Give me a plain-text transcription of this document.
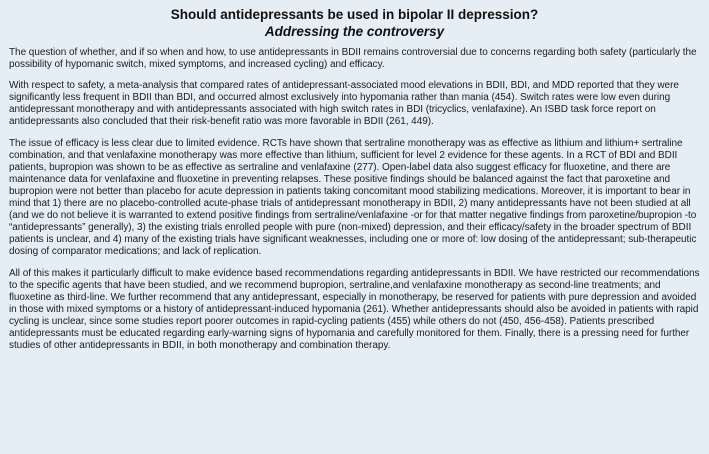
Should antidepressants be used in bipolar II depression?
Addressing the controversy

The question of whether, and if so when and how, to use antidepressants in BDII remains controversial due to concerns regarding both safety (particularly the possibility of hypomanic switch, mixed symptoms, and increased cycling) and efficacy.

With respect to safety, a meta-analysis that compared rates of antidepressant-associated mood elevations in BDII, BDI, and MDD reported that they were significantly less frequent in BDII than BDI, and occurred almost exclusively into hypomania rather than mania (454). Switch rates were low even during antidepressant monotherapy and with antidepressants associated with high switch rates in BDI (tricyclics, venlafaxine). An ISBD task force report on antidepressants also concluded that their risk-benefit ratio was more favorable in BDII (261, 449).

The issue of efficacy is less clear due to limited evidence. RCTs have shown that sertraline monotherapy was as effective as lithium and lithium+ sertraline combination, and that venlafaxine monotherapy was more effective than lithium, sufficient for level 2 evidence for these agents. In a RCT of BDI and BDII patients, bupropion was shown to be as effective as sertraline and venlafaxine (277). Open-label data also suggest efficacy for fluoxetine, and there are maintenance data for venlafaxine and fluoxetine in preventing relapses. These positive findings should be balanced against the fact that paroxetine and bupropion were not better than placebo for acute depression in patients taking concomitant mood stabilizing medications. Moreover, it is important to bear in mind that 1) there are no placebo-controlled acute-phase trials of antidepressant monotherapy in BDII, 2) many antidepressants have not been studied at all (and we do not believe it is warranted to extend positive findings from sertraline/venlafaxine -or for that matter negative findings from paroxetine/bupropion -to “antidepressants” generally), 3) the existing trials enrolled people with pure (non-mixed) depression, and their efficacy/safety in the broader spectrum of BDII patients is unclear, and 4) many of the existing trials have significant weaknesses, including one or more of: low dosing of the antidepressant; sub-therapeutic dosing of comparator medications; and lack of replication.

All of this makes it particularly difficult to make evidence based recommendations regarding antidepressants in BDII. We have restricted our recommendations to the specific agents that have been studied, and we recommend bupropion, sertraline,and venlafaxine monotherapy as second-line treatments; and fluoxetine as third-line. We further recommend that any antidepressant, especially in monotherapy, be reserved for patients with pure depression and avoided in those with mixed symptoms or a history of antidepressant-induced hypomania (261). Whether antidepressants should also be avoided in patients with rapid cycling is unclear, since some studies report poorer outcomes in rapid-cycling patients (455) while others do not (450, 456-458). Patients prescribed antidepressants must be educated regarding early-warning signs of hypomania and carefully monitored for them. Finally, there is a pressing need for further studies of other antidepressants in BDII, in both monotherapy and combination therapy.
